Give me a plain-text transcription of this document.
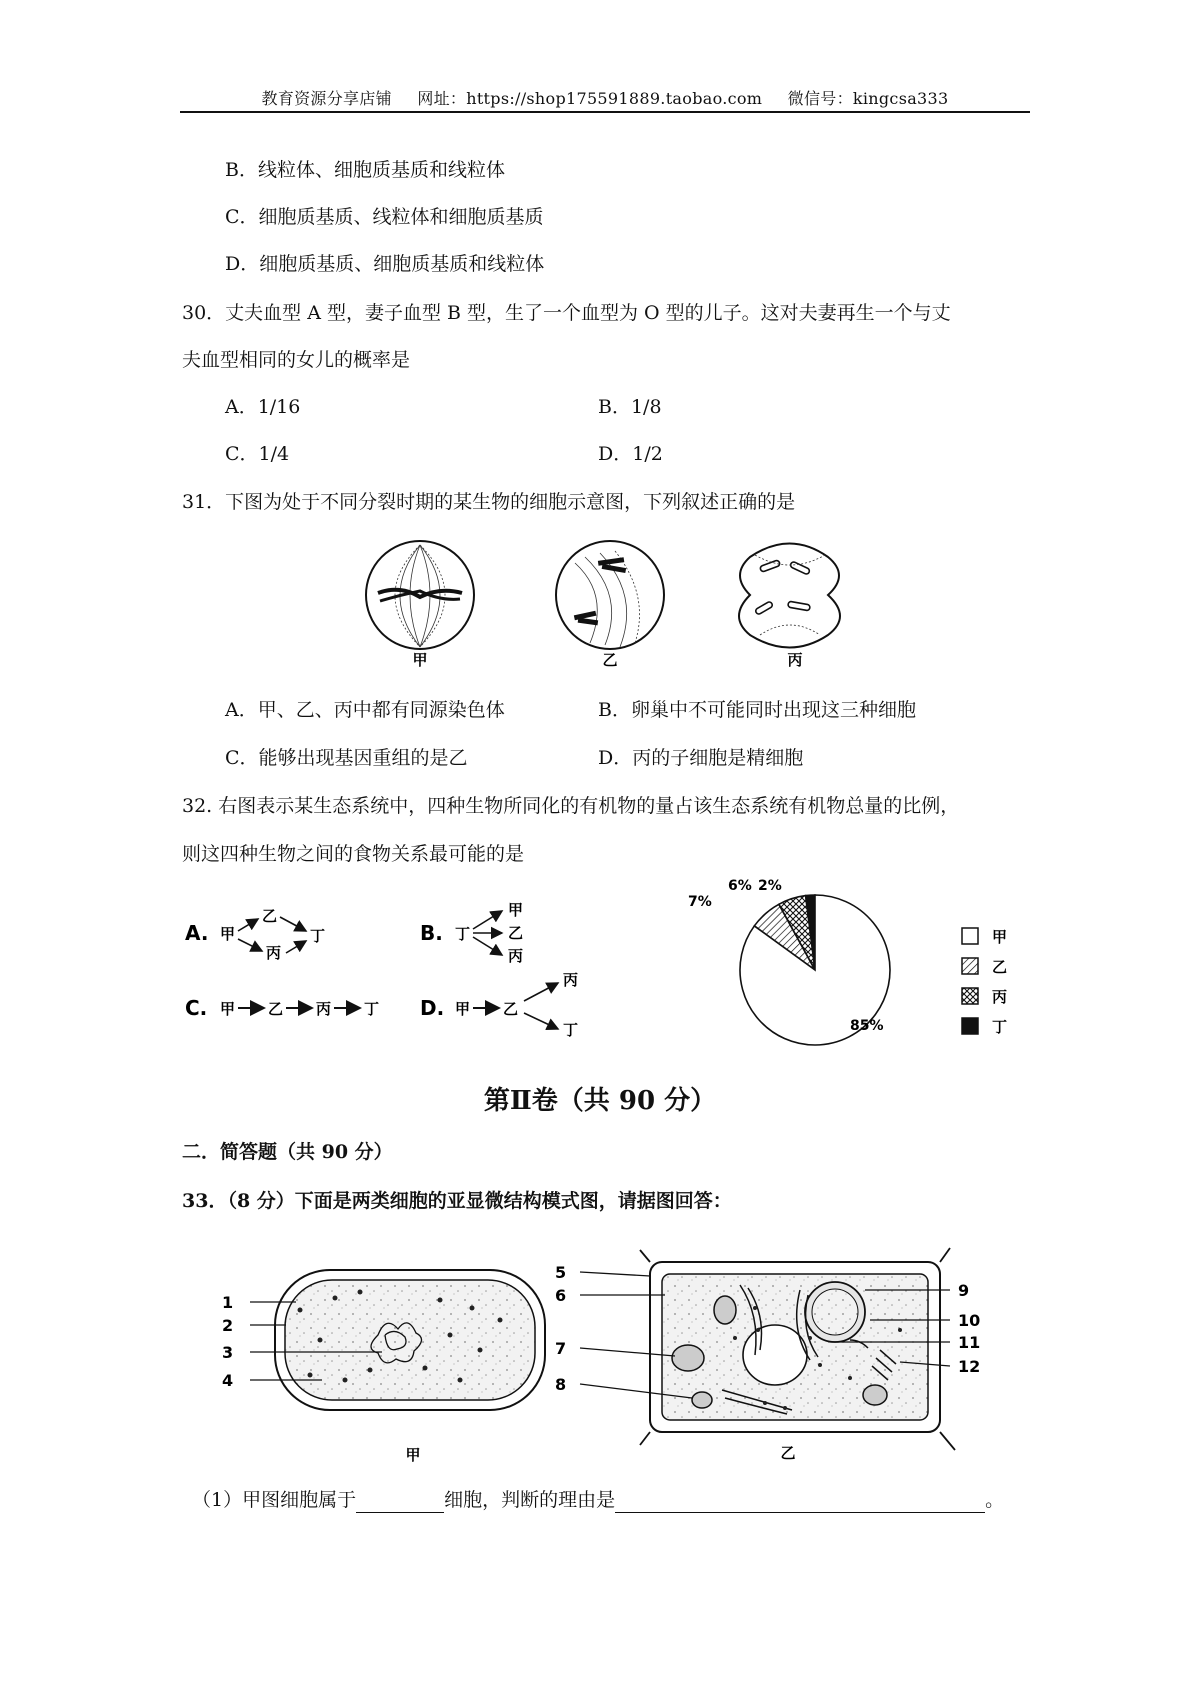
教育资源分享店铺 网址：https://shop175591889.taobao.com 微信号：kingcsa333
B．线粒体、细胞质基质和线粒体
C．细胞质基质、线粒体和细胞质基质
D．细胞质基质、细胞质基质和线粒体
30．丈夫血型 A 型，妻子血型 B 型，生了一个血型为 O 型的儿子。这对夫妻再生一个与丈
夫血型相同的女儿的概率是
A．1/16	B．1/8
C．1/4	D．1/2
31．下图为处于不同分裂时期的某生物的细胞示意图，下列叙述正确的是
甲	乙	丙
A．甲、乙、丙中都有同源染色体	B．卵巢中不可能同时出现这三种细胞
C．能够出现基因重组的是乙	D．丙的子细胞是精细胞
32. 右图表示某生态系统中，四种生物所同化的有机物的量占该生态系统有机物总量的比例，
则这四种生物之间的食物关系最可能的是
A. 甲
乙
丙
丁	B. 丁
甲
乙
丙
C. 甲 乙 丙 丁 D. 甲 乙
丙
丁	85%
7%
6% 2%
甲
乙
丙
丁
第Ⅱ卷（共 90 分）
二．简答题（共 90 分）
33．（8 分）下面是两类细胞的亚显微结构模式图，请据图回答：
1
2
3
4
甲
5
6
7
8
9
10
11
12
乙
（1）甲图细胞属于	细胞，判断的理由是	。
